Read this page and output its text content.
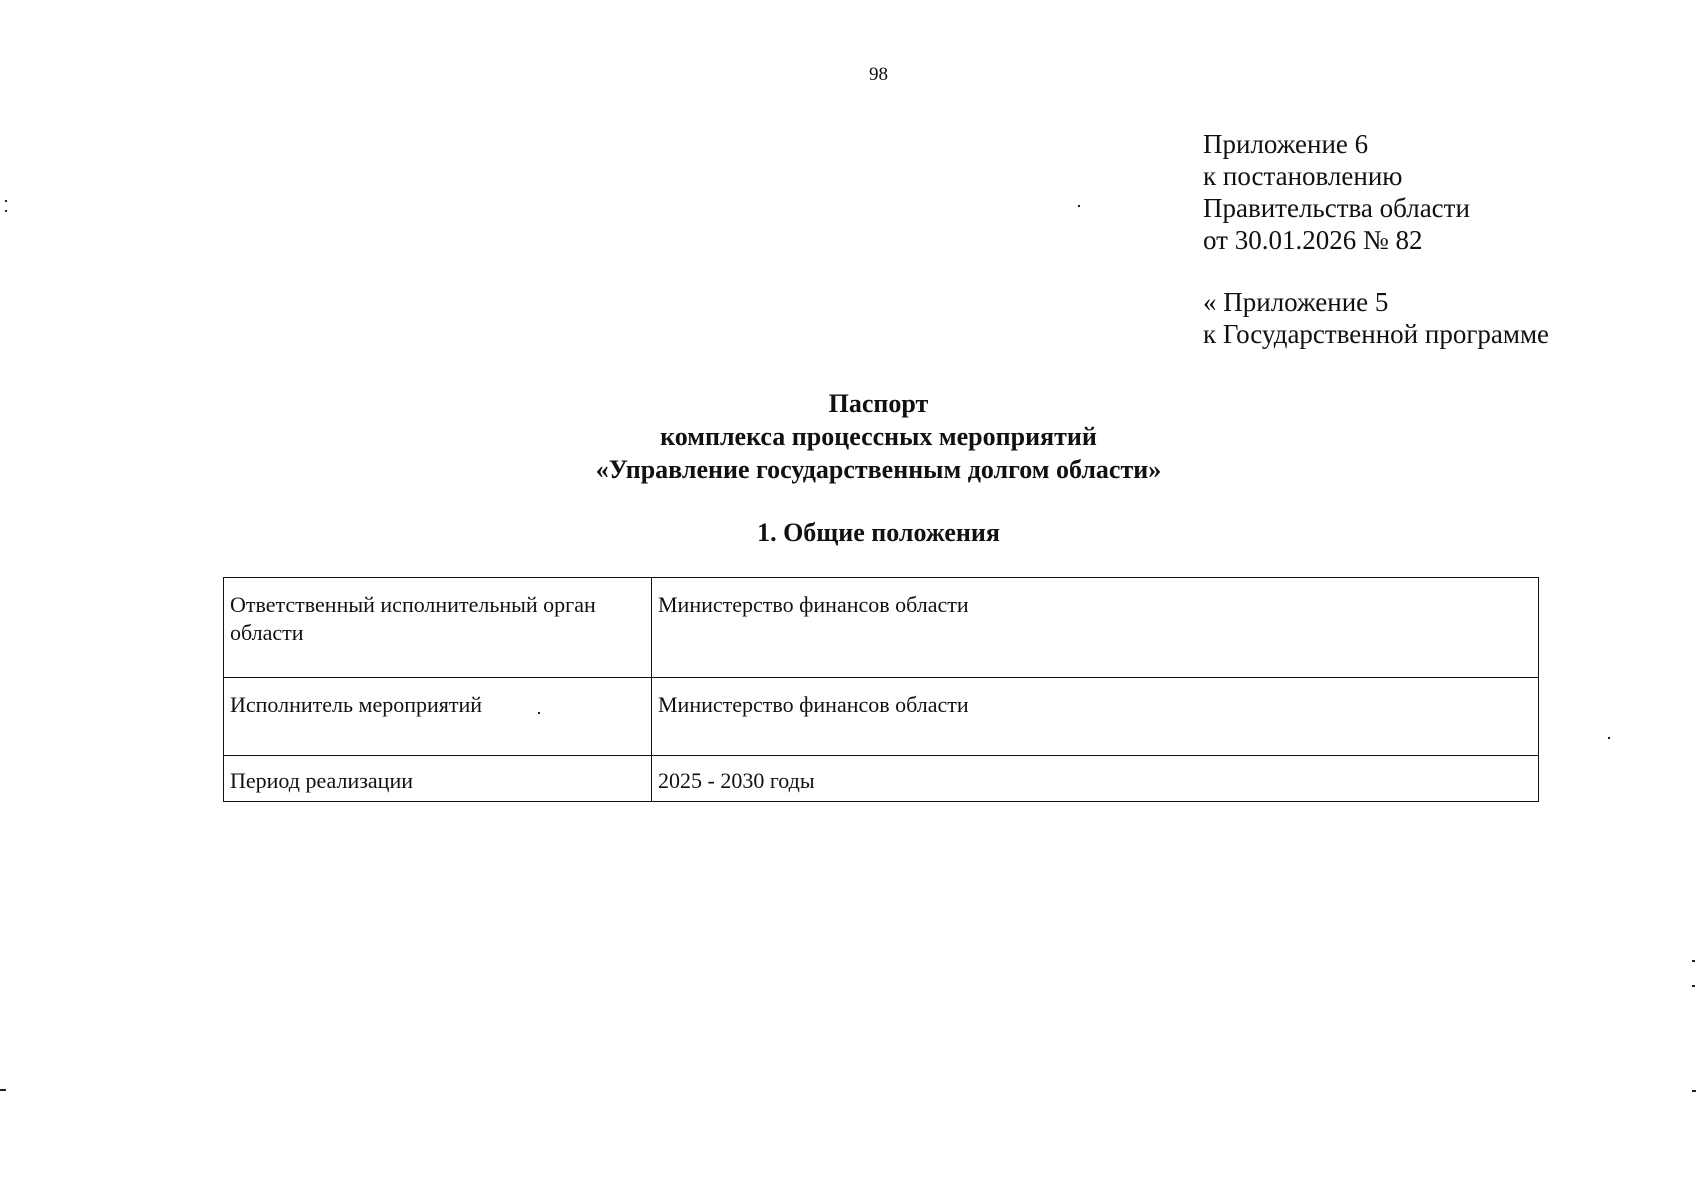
98
Приложение 6
к постановлению
Правительства области
от 30.01.2026 № 82
« Приложение 5
к Государственной программе
Паспорт
комплекса процессных мероприятий
«Управление государственным долгом области»
1. Общие положения
Ответственный исполнительный орган области	Министерство финансов области
Исполнитель мероприятий	Министерство финансов области
Период реализации	2025 - 2030 годы
